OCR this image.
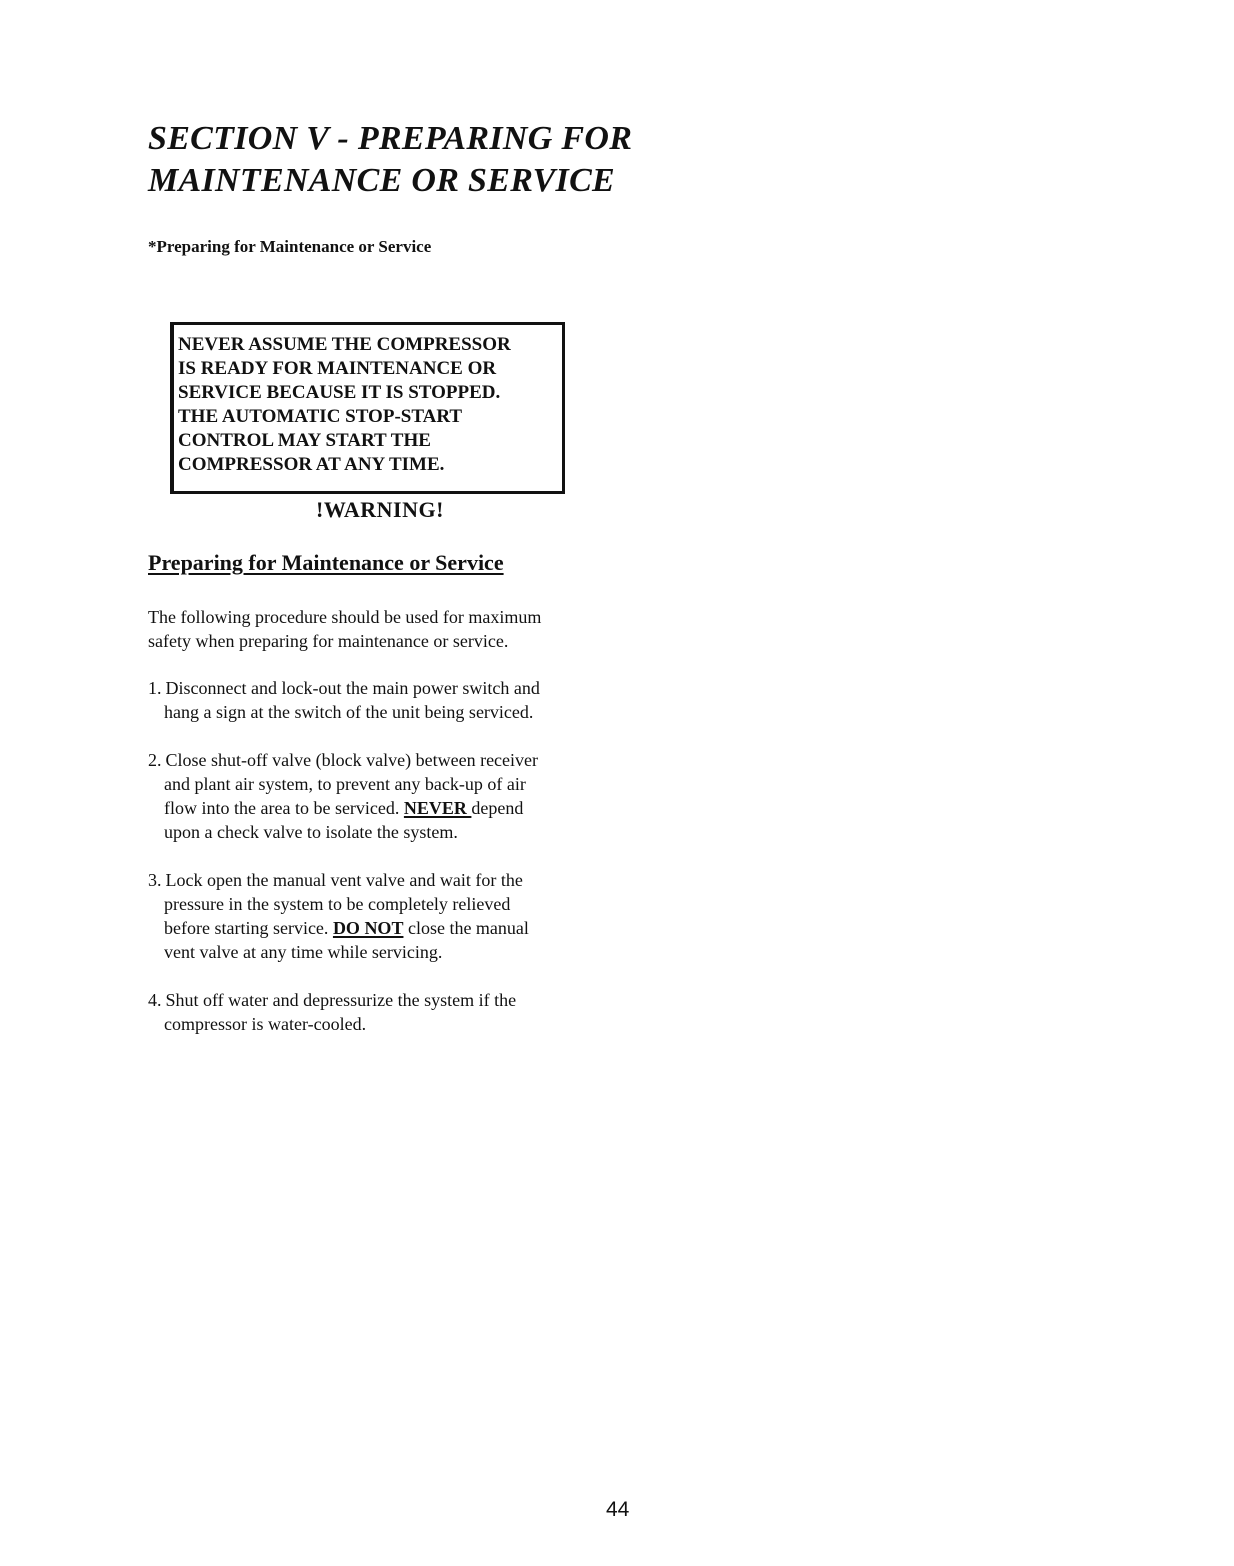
SECTION V - PREPARING FOR
MAINTENANCE OR SERVICE
*Preparing for Maintenance or Service
NEVER ASSUME THE COMPRESSOR
IS READY FOR MAINTENANCE OR
SERVICE BECAUSE IT IS STOPPED.
THE AUTOMATIC STOP-START
CONTROL MAY START THE
COMPRESSOR AT ANY TIME.
!WARNING!
Preparing for Maintenance or Service

The following procedure should be used for maximum
safety when preparing for maintenance or service.

1. Disconnect and lock-out the main power switch and
hang a sign at the switch of the unit being serviced.
2. Close shut-off valve (block valve) between receiver
and plant air system, to prevent any back-up of air
flow into the area to be serviced. NEVER depend
upon a check valve to isolate the system.
3. Lock open the manual vent valve and wait for the
pressure in the system to be completely relieved
before starting service. DO NOT close the manual
vent valve at any time while servicing.
4. Shut off water and depressurize the system if the
compressor is water-cooled.
44
